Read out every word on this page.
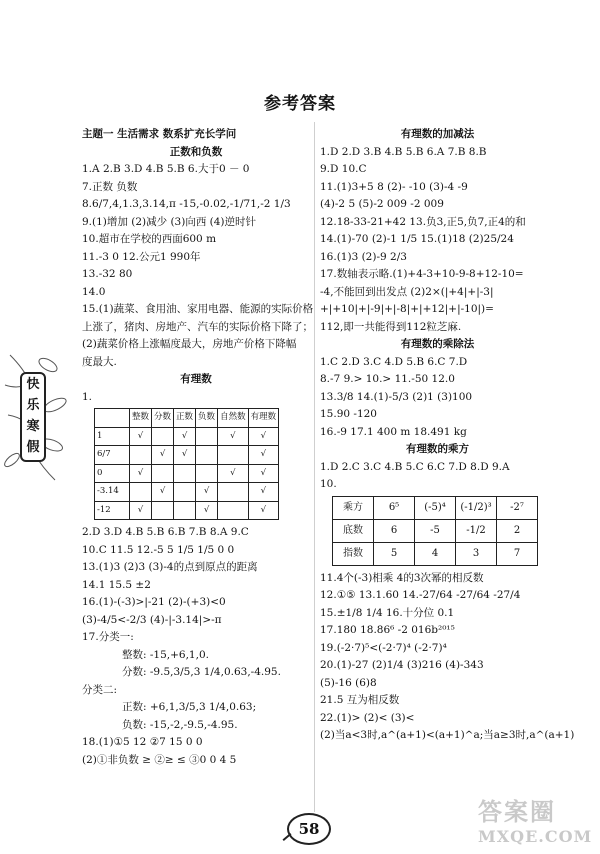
参考答案
快
乐
寒
假
主题一 生活需求 数系扩充长学问
正数和负数
1.A 2.B 3.D 4.B 5.B 6.大于0 － 0
7.正数 负数
8.6/7,4,1.3,3.14,π -15,-0.02,-1/71,-2 1/3
9.(1)增加 (2)减少 (3)向西 (4)逆时针
10.超市在学校的西面600 m
11.-3 0 12.公元1 990年
13.-32 80
14.0
15.(1)蔬菜、食用油、家用电器、能源的实际价格
上涨了，猪肉、房地产、汽车的实际价格下降了；
(2)蔬菜价格上涨幅度最大，房地产价格下降幅
度最大.
有理数
1.
	整数	分数	正数	负数	自然数	有理数
1	√		√		√	√
6/7		√	√			√
0	√				√	√
-3.14		√		√		√
-12	√			√		√
2.D 3.D 4.B 5.B 6.B 7.B 8.A 9.C
10.C 11.5 12.-5 5 1/5 1/5 0 0
13.(1)3 (2)3 (3)-4的点到原点的距离
14.1 15.5 ±2
16.(1)-(-3)>|-21 (2)-(+3)<0
(3)-4/5<-2/3 (4)-|-3.14|>-π
17.分类一:
整数: -15,+6,1,0.
分数: -9.5,3/5,3 1/4,0.63,-4.95.
分类二:
正数: +6,1,3/5,3 1/4,0.63;
负数: -15,-2,-9.5,-4.95.
18.(1)①5 12 ②7 15 0 0
(2)①非负数 ≥ ②≥ ≤ ③0 0 4 5
有理数的加减法
1.D 2.D 3.B 4.B 5.B 6.A 7.B 8.B
9.D 10.C
11.(1)3+5 8 (2)- -10 (3)-4 -9
(4)-2 5 (5)-2 009 -2 009
12.18-33-21+42 13.负3,正5,负7,正4的和
14.(1)-70 (2)-1 1/5 15.(1)18 (2)25/24
16.(1)3 (2)-9 2/3
17.数轴表示略.(1)+4-3+10-9-8+12-10=
-4,不能回到出发点 (2)2×(|+4|+|-3|
+|+10|+|-9|+|-8|+|+12|+|-10|)=
112,即一共能得到112粒芝麻.
有理数的乘除法
1.C 2.D 3.C 4.D 5.B 6.C 7.D
8.-7 9.> 10.> 11.-50 12.0
13.3/8 14.(1)-5/3 (2)1 (3)100
15.90 -120
16.-9 17.1 400 m 18.491 kg
有理数的乘方
1.D 2.C 3.C 4.B 5.C 6.C 7.D 8.D 9.A
10.
乘方	6⁵	(-5)⁴	(-1/2)³	-2⁷
底数	6	-5	-1/2	2
指数	5	4	3	7
11.4个(-3)相乘 4的3次幂的相反数
12.①⑤ 13.1.60 14.-27/64 -27/64 -27/4
15.±1/8 1/4 16.十分位 0.1
17.180 18.86⁶ -2 016b²⁰¹⁵
19.(-2·7)⁵<(-2·7)⁴ (-2·7)⁴
20.(1)-27 (2)1/4 (3)216 (4)-343
(5)-16 (6)8
21.5 互为相反数
22.(1)> (2)< (3)<
(2)当a<3时,a^(a+1)<(a+1)^a;当a≥3时,a^(a+1)
58
答案圈
MXQE.COM
